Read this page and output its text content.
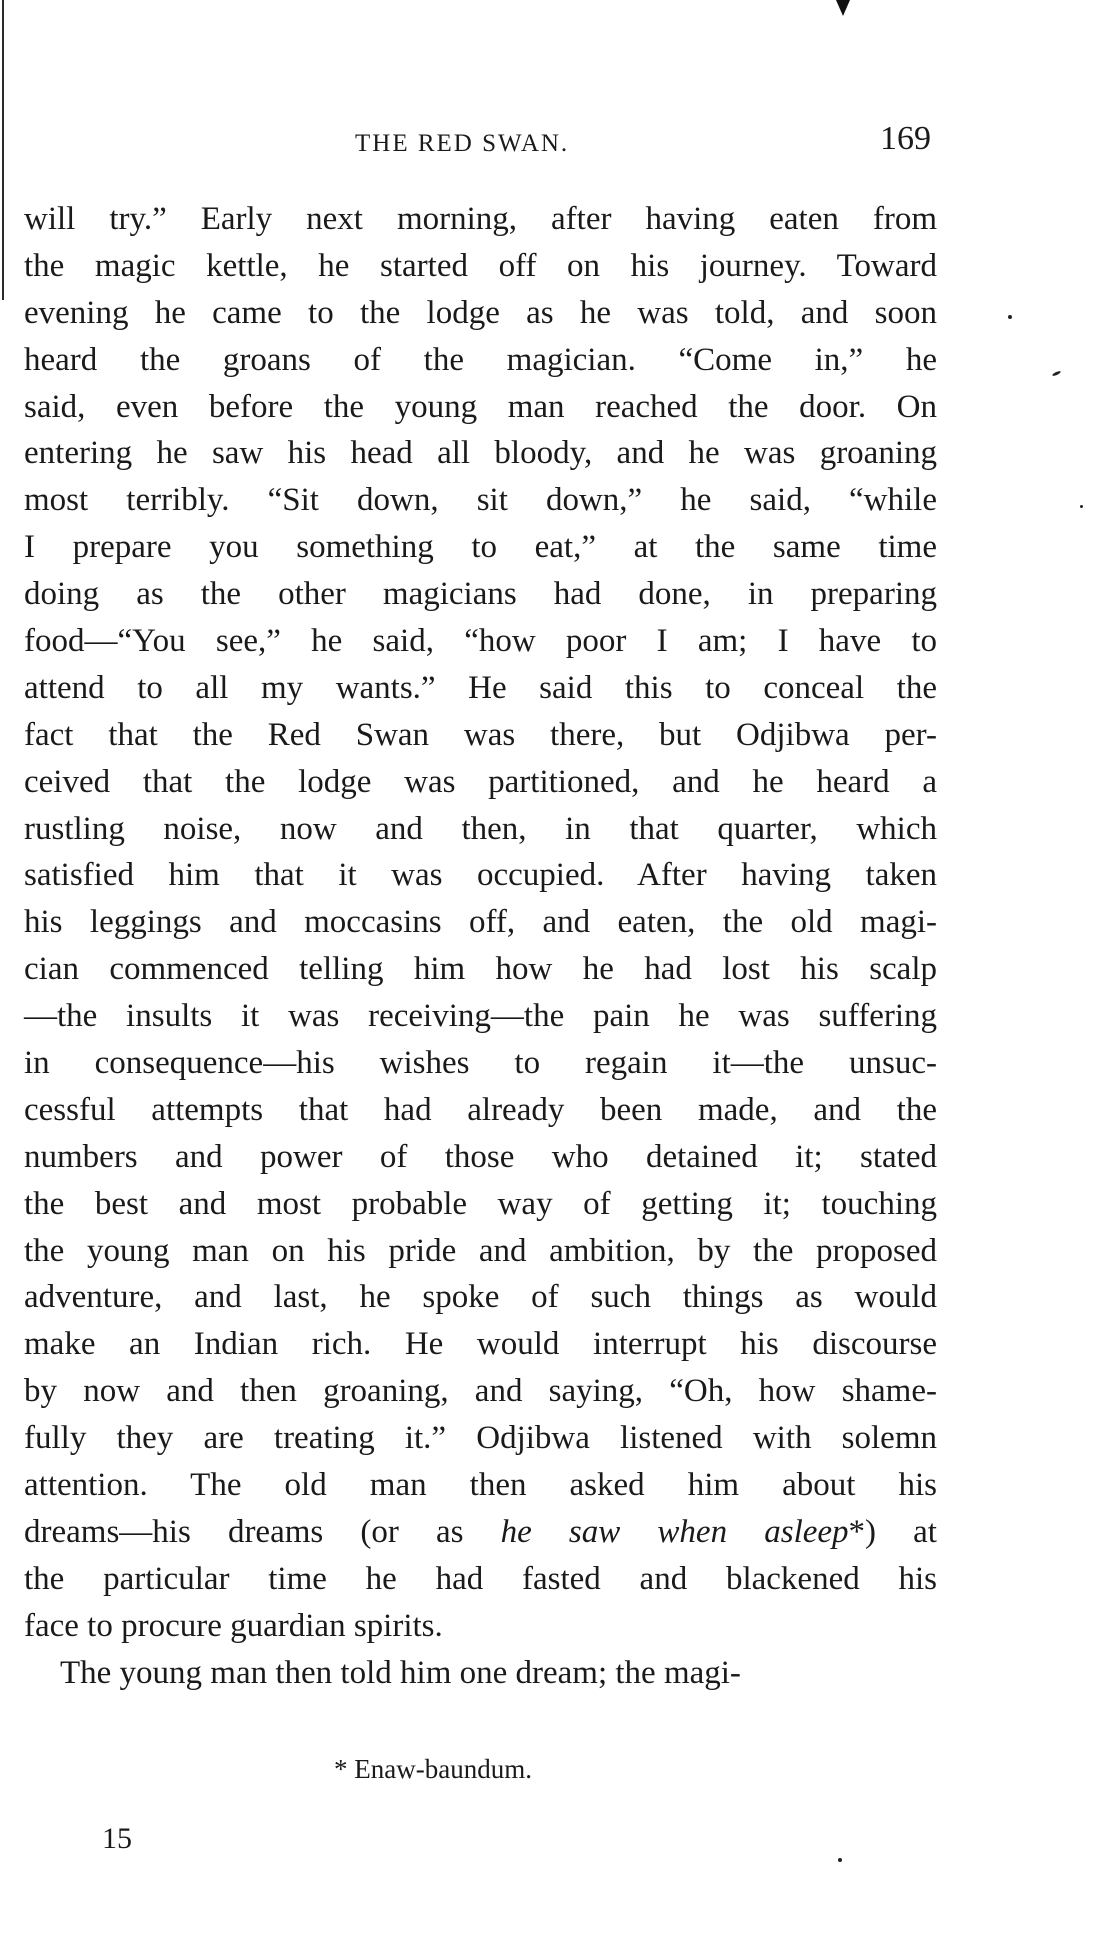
THE RED SWAN.	169

will try.” Early next morning, after having eaten from
the magic kettle, he started off on his journey. Toward
evening he came to the lodge as he was told, and soon
heard the groans of the magician. “Come in,” he
said, even before the young man reached the door. On
entering he saw his head all bloody, and he was groaning
most terribly. “Sit down, sit down,” he said, “while
I prepare you something to eat,” at the same time
doing as the other magicians had done, in preparing
food—“You see,” he said, “how poor I am; I have to
attend to all my wants.” He said this to conceal the
fact that the Red Swan was there, but Odjibwa per-
ceived that the lodge was partitioned, and he heard a
rustling noise, now and then, in that quarter, which
satisfied him that it was occupied. After having taken
his leggings and moccasins off, and eaten, the old magi-
cian commenced telling him how he had lost his scalp
—the insults it was receiving—the pain he was suffering
in consequence—his wishes to regain it—the unsuc-
cessful attempts that had already been made, and the
numbers and power of those who detained it; stated
the best and most probable way of getting it; touching
the young man on his pride and ambition, by the proposed
adventure, and last, he spoke of such things as would
make an Indian rich. He would interrupt his discourse
by now and then groaning, and saying, “Oh, how shame-
fully they are treating it.” Odjibwa listened with solemn
attention. The old man then asked him about his
dreams—his dreams (or as he saw when asleep*) at
the particular time he had fasted and blackened his
face to procure guardian spirits.

The young man then told him one dream; the magi-

* Enaw-baundum.
15
